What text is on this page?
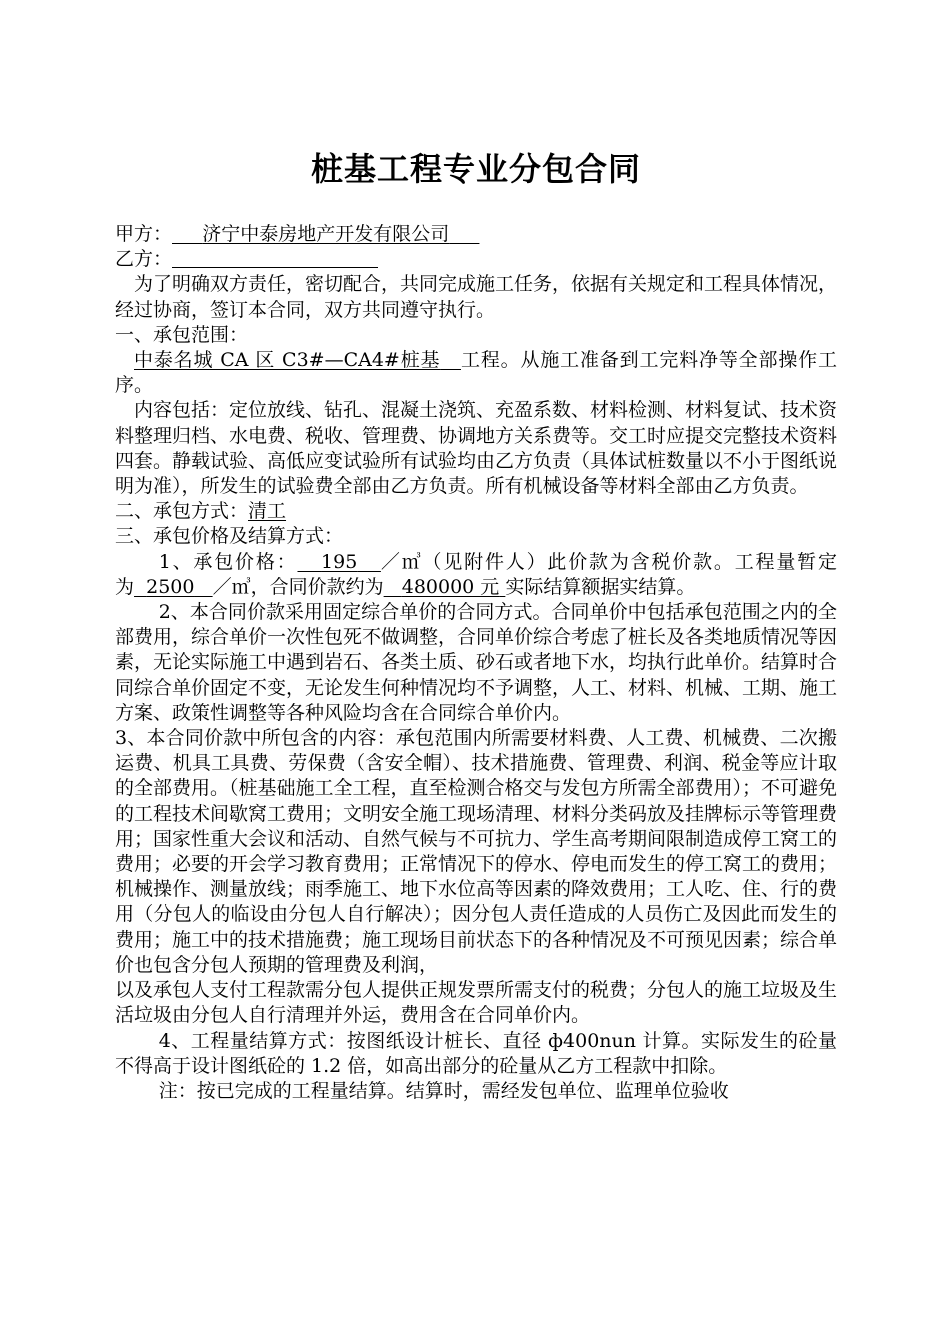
桩基工程专业分包合同

甲方： 济宁中泰房地产开发有限公司

乙方：

为了明确双方责任，密切配合，共同完成施工任务，依据有关规定和工程具体情况，经过协商，签订本合同，双方共同遵守执行。

一、承包范围：

中泰名城 CA 区 C3#—CA4#桩基 工程。从施工准备到工完料净等全部操作工序。

内容包括：定位放线、钻孔、混凝土浇筑、充盈系数、材料检测、材料复试、技术资料整理归档、水电费、税收、管理费、协调地方关系费等。交工时应提交完整技术资料四套。静载试验、高低应变试验所有试验均由乙方负责（具体试桩数量以不小于图纸说明为准），所发生的试验费全部由乙方负责。所有机械设备等材料全部由乙方负责。

二、承包方式：清工

三、承包价格及结算方式：

1、承包价格： 195 ／㎥（见附件人）此价款为含税价款。工程量暂定为 2500 ／㎥，合同价款约为 480000 元 实际结算额据实结算。

2、本合同价款采用固定综合单价的合同方式。合同单价中包括承包范围之内的全部费用，综合单价一次性包死不做调整，合同单价综合考虑了桩长及各类地质情况等因素，无论实际施工中遇到岩石、各类土质、砂石或者地下水，均执行此单价。结算时合同综合单价固定不变，无论发生何种情况均不予调整，人工、材料、机械、工期、施工方案、政策性调整等各种风险均含在合同综合单价内。

3、本合同价款中所包含的内容：承包范围内所需要材料费、人工费、机械费、二次搬运费、机具工具费、劳保费（含安全帽）、技术措施费、管理费、利润、税金等应计取的全部费用。（桩基础施工全工程，直至检测合格交与发包方所需全部费用）；不可避免的工程技术间歇窝工费用；文明安全施工现场清理、材料分类码放及挂牌标示等管理费用；国家性重大会议和活动、自然气候与不可抗力、学生高考期间限制造成停工窝工的费用；必要的开会学习教育费用；正常情况下的停水、停电而发生的停工窝工的费用；机械操作、测量放线；雨季施工、地下水位高等因素的降效费用；工人吃、住、行的费用（分包人的临设由分包人自行解决）；因分包人责任造成的人员伤亡及因此而发生的费用；施工中的技术措施费；施工现场目前状态下的各种情况及不可预见因素；综合单价也包含分包人预期的管理费及利润，

以及承包人支付工程款需分包人提供正规发票所需支付的税费；分包人的施工垃圾及生活垃圾由分包人自行清理并外运，费用含在合同单价内。

4、工程量结算方式：按图纸设计桩长、直径 ф400nun 计算。实际发生的砼量不得高于设计图纸砼的 1.2 倍，如高出部分的砼量从乙方工程款中扣除。

注：按已完成的工程量结算。结算时，需经发包单位、监理单位验收
